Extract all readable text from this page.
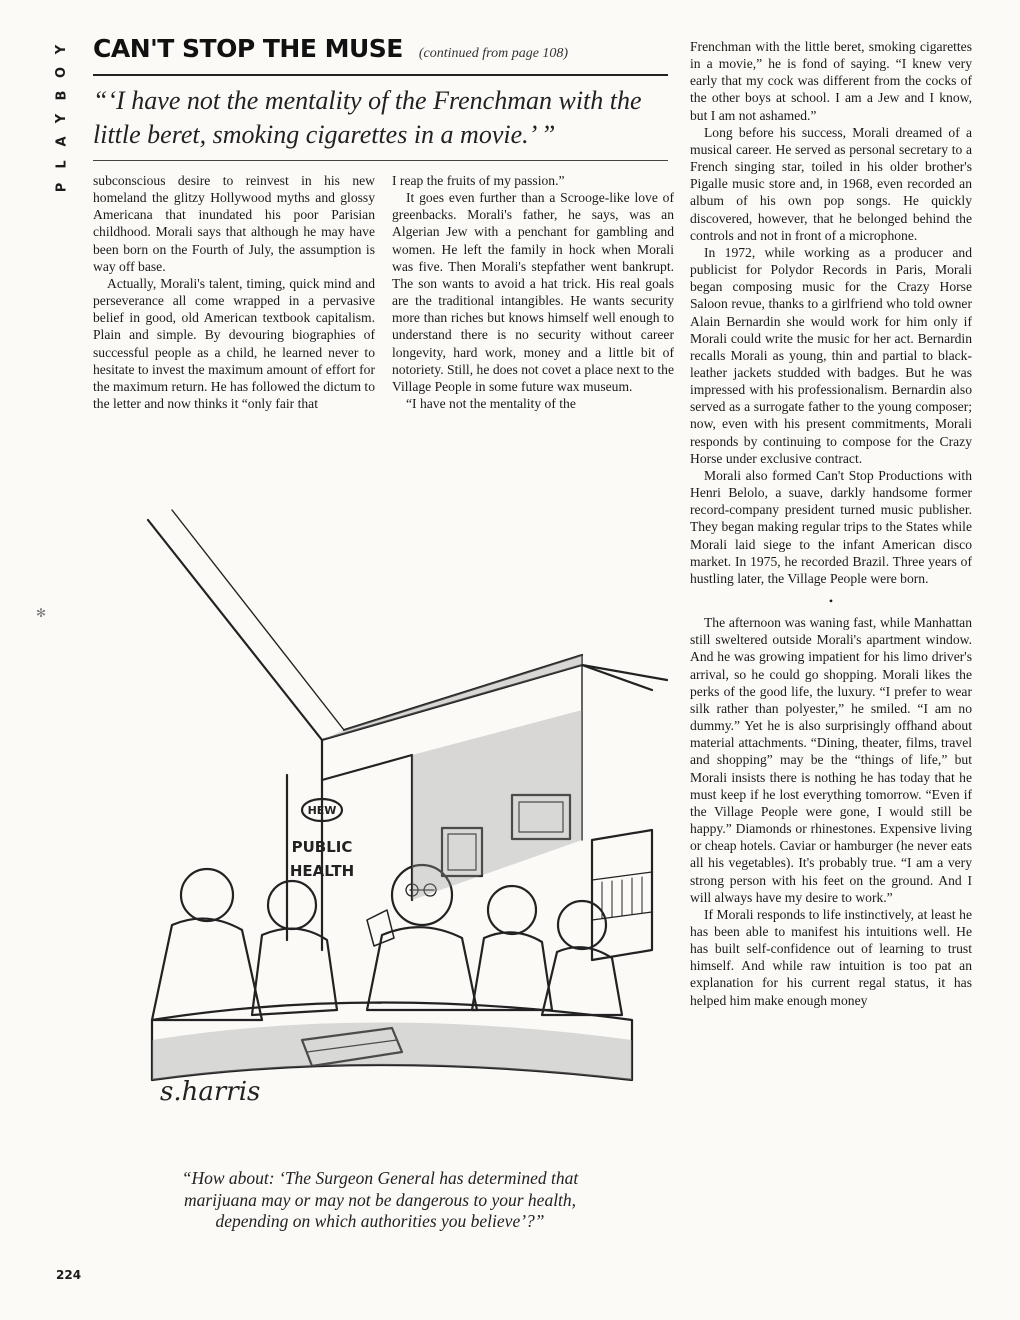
Y
O
B
Y
A
L
P
CAN'T STOP THE MUSE (continued from page 108)
“‘I have not the mentality of the Frenchman with the little beret, smoking cigarettes in a movie.’ ”

subconscious desire to reinvest in his new homeland the glitzy Hollywood myths and glossy Americana that inundated his poor Parisian childhood. Morali says that although he may have been born on the Fourth of July, the assumption is way off base.

Actually, Morali's talent, timing, quick mind and perseverance all come wrapped in a pervasive belief in good, old American textbook capitalism. Plain and simple. By devouring biographies of successful people as a child, he learned never to hesitate to invest the maximum amount of effort for the maximum return. He has followed the dictum to the letter and now thinks it “only fair that

I reap the fruits of my passion.”

It goes even further than a Scrooge-like love of greenbacks. Morali's father, he says, was an Algerian Jew with a penchant for gambling and women. He left the family in hock when Morali was five. Then Morali's stepfather went bankrupt. The son wants to avoid a hat trick. His real goals are the traditional intangibles. He wants security more than riches but knows himself well enough to understand there is no security without career longevity, hard work, money and a little bit of notoriety. Still, he does not covet a place next to the Village People in some future wax museum.

“I have not the mentality of the

Frenchman with the little beret, smoking cigarettes in a movie,” he is fond of saying. “I knew very early that my cock was different from the cocks of the other boys at school. I am a Jew and I know, but I am not ashamed.”

Long before his success, Morali dreamed of a musical career. He served as personal secretary to a French singing star, toiled in his older brother's Pigalle music store and, in 1968, even recorded an album of his own pop songs. He quickly discovered, however, that he belonged behind the controls and not in front of a microphone.

In 1972, while working as a producer and publicist for Polydor Records in Paris, Morali began composing music for the Crazy Horse Saloon revue, thanks to a girlfriend who told owner Alain Bernardin she would work for him only if Morali could write the music for her act. Bernardin recalls Morali as young, thin and partial to black-leather jackets studded with badges. But he was impressed with his professionalism. Bernardin also served as a surrogate father to the young composer; now, even with his present commitments, Morali responds by continuing to compose for the Crazy Horse under exclusive contract.

Morali also formed Can't Stop Productions with Henri Belolo, a suave, darkly handsome former record-company president turned music publisher. They began making regular trips to the States while Morali laid siege to the infant American disco market. In 1975, he recorded Brazil. Three years of hustling later, the Village People were born.

•

The afternoon was waning fast, while Manhattan still sweltered outside Morali's apartment window. And he was growing impatient for his limo driver's arrival, so he could go shopping. Morali likes the perks of the good life, the luxury. “I prefer to wear silk rather than polyester,” he smiled. “I am no dummy.” Yet he is also surprisingly offhand about material attachments. “Dining, theater, films, travel and shopping” may be the “things of life,” but Morali insists there is nothing he has today that he must keep if he lost everything tomorrow. “Even if the Village People were gone, I would still be happy.” Diamonds or rhinestones. Expensive living or cheap hotels. Caviar or hamburger (he never eats all his vegetables). It's probably true. “I am a very strong person with his feet on the ground. And I will always have my desire to work.”

If Morali responds to life instinctively, at least he has been able to manifest his intuitions well. He has built self-confidence out of learning to trust himself. And while raw intuition is too pat an explanation for his current regal status, it has helped him make enough money

HEW
PUBLIC
HEALTH
s.harris
“How about: ‘The Surgeon General has determined that marijuana may or may not be dangerous to your health, depending on which authorities you believe’?”
224
✻
